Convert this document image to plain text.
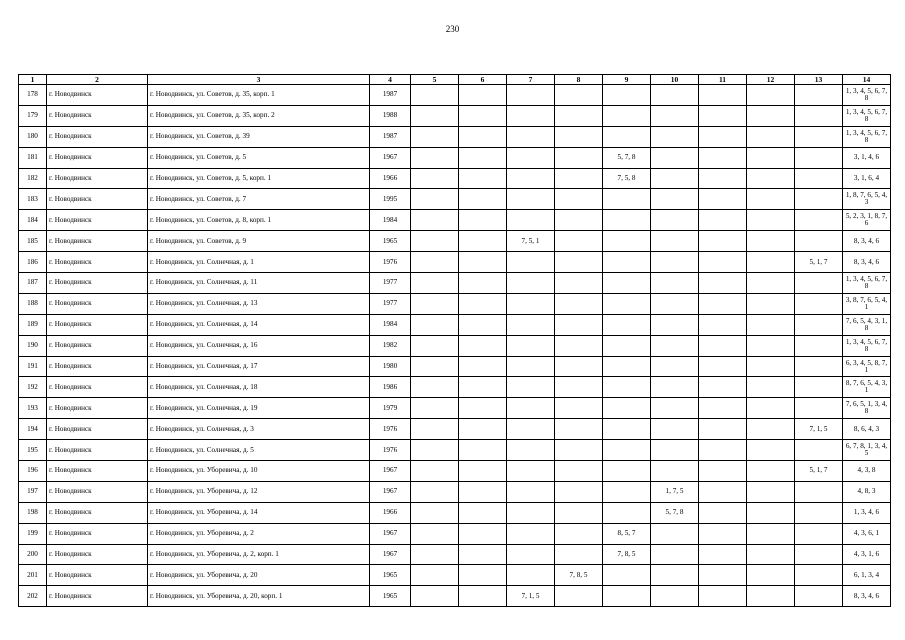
230
1	2	3	4	5	6	7	8	9	10	11	12	13	14
178	г. Новодвинск	г. Новодвинск, ул. Советов, д. 35, корп. 1	1987										1, 3, 4, 5, 6, 7, 8
179	г. Новодвинск	г. Новодвинск, ул. Советов, д. 35, корп. 2	1988										1, 3, 4, 5, 6, 7, 8
180	г. Новодвинск	г. Новодвинск, ул. Советов, д. 39	1987										1, 3, 4, 5, 6, 7, 8
181	г. Новодвинск	г. Новодвинск, ул. Советов, д. 5	1967					5, 7, 8					3, 1, 4, 6
182	г. Новодвинск	г. Новодвинск, ул. Советов, д. 5, корп. 1	1966					7, 5, 8					3, 1, 6, 4
183	г. Новодвинск	г. Новодвинск, ул. Советов, д. 7	1995										1, 8, 7, 6, 5, 4, 3
184	г. Новодвинск	г. Новодвинск, ул. Советов, д. 8, корп. 1	1984										5, 2, 3, 1, 8, 7, 6
185	г. Новодвинск	г. Новодвинск, ул. Советов, д. 9	1965			7, 5, 1							8, 3, 4, 6
186	г. Новодвинск	г. Новодвинск, ул. Солнечная, д. 1	1976									5, 1, 7	8, 3, 4, 6
187	г. Новодвинск	г. Новодвинск, ул. Солнечная, д. 11	1977										1, 3, 4, 5, 6, 7, 8
188	г. Новодвинск	г. Новодвинск, ул. Солнечная, д. 13	1977										3, 8, 7, 6, 5, 4, 1
189	г. Новодвинск	г. Новодвинск, ул. Солнечная, д. 14	1984										7, 6, 5, 4, 3, 1, 8
190	г. Новодвинск	г. Новодвинск, ул. Солнечная, д. 16	1982										1, 3, 4, 5, 6, 7, 8
191	г. Новодвинск	г. Новодвинск, ул. Солнечная, д. 17	1980										6, 3, 4, 5, 8, 7, 1
192	г. Новодвинск	г. Новодвинск, ул. Солнечная, д. 18	1986										8, 7, 6, 5, 4, 3, 1
193	г. Новодвинск	г. Новодвинск, ул. Солнечная, д. 19	1979										7, 6, 5, 1, 3, 4, 8
194	г. Новодвинск	г. Новодвинск, ул. Солнечная, д. 3	1976									7, 1, 5	8, 6, 4, 3
195	г. Новодвинск	г. Новодвинск, ул. Солнечная, д. 5	1976										6, 7, 8, 1, 3, 4, 5
196	г. Новодвинск	г. Новодвинск, ул. Уборевича, д. 10	1967									5, 1, 7	4, 3, 8
197	г. Новодвинск	г. Новодвинск, ул. Уборевича, д. 12	1967						1, 7, 5				4, 8, 3
198	г. Новодвинск	г. Новодвинск, ул. Уборевича, д. 14	1966						5, 7, 8				1, 3, 4, 6
199	г. Новодвинск	г. Новодвинск, ул. Уборевича, д. 2	1967					8, 5, 7					4, 3, 6, 1
200	г. Новодвинск	г. Новодвинск, ул. Уборевича, д. 2, корп. 1	1967					7, 8, 5					4, 3, 1, 6
201	г. Новодвинск	г. Новодвинск, ул. Уборевича, д. 20	1965				7, 8, 5						6, 1, 3, 4
202	г. Новодвинск	г. Новодвинск, ул. Уборевича, д. 20, корп. 1	1965			7, 1, 5							8, 3, 4, 6
